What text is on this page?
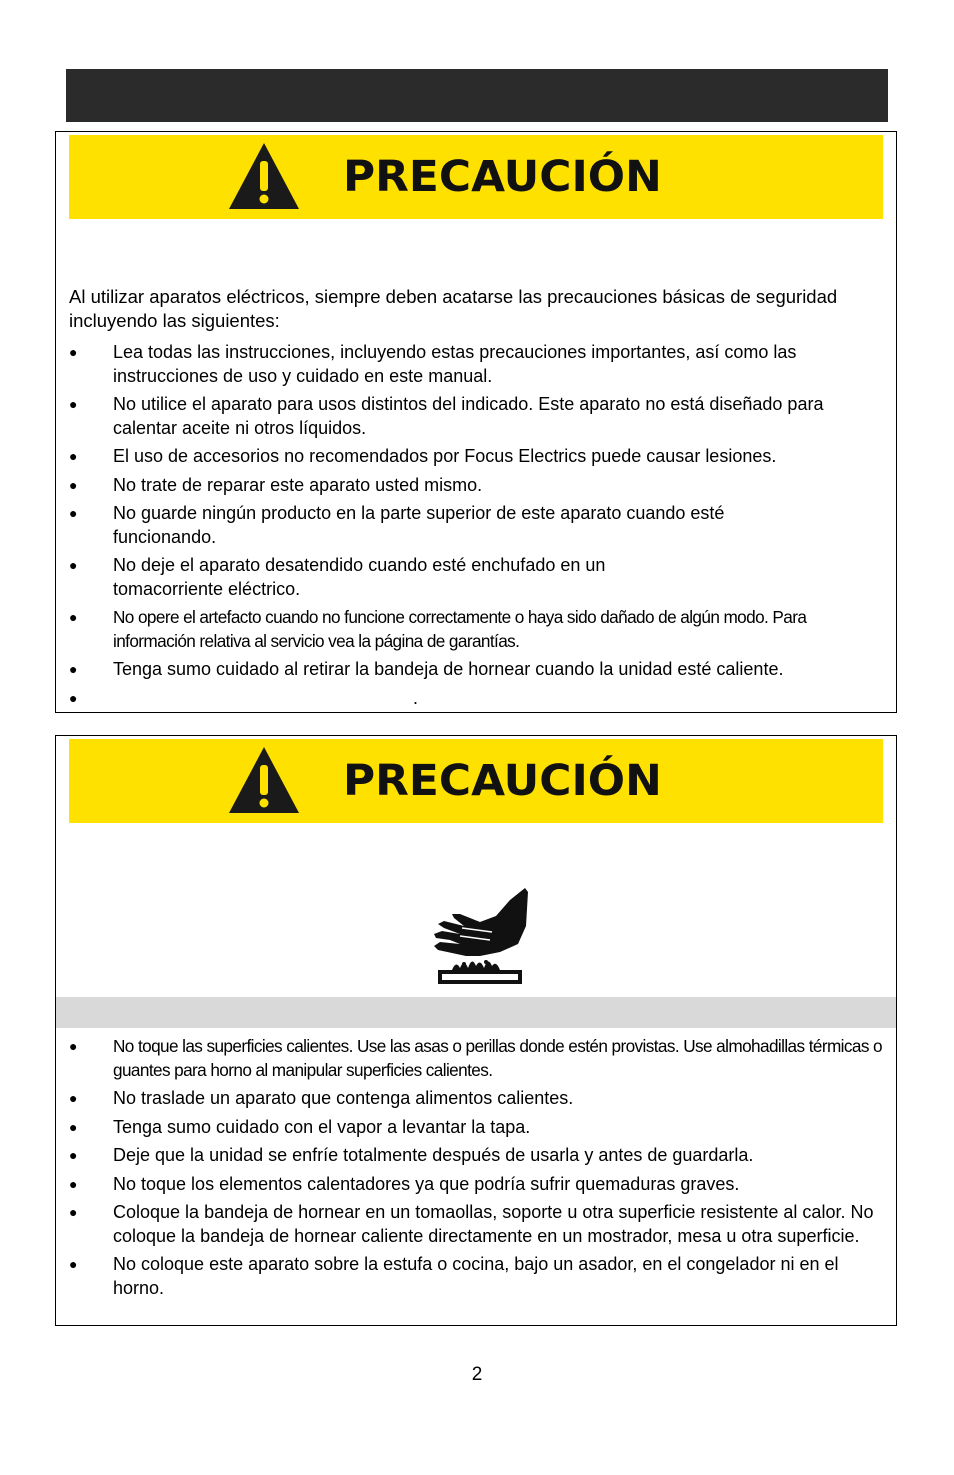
PRECAUCIÓN
Al utilizar aparatos eléctricos, siempre deben acatarse las precauciones básicas de seguridad incluyendo las siguientes:
● Lea todas las instrucciones, incluyendo estas precauciones importantes, así como las instrucciones de uso y cuidado en este manual.
● No utilice el aparato para usos distintos del indicado. Este aparato no está diseñado para calentar aceite ni otros líquidos.
● El uso de accesorios no recomendados por Focus Electrics puede causar lesiones.
● No trate de reparar este aparato usted mismo.
● No guarde ningún producto en la parte superior de este aparato cuando esté funcionando.
● No deje el aparato desatendido cuando esté enchufado en un tomacorriente eléctrico.
● No opere el artefacto cuando no funcione correctamente o haya sido dañado de algún modo. Para información relativa al servicio vea la página de garantías.
● Tenga sumo cuidado al retirar la bandeja de hornear cuando la unidad esté caliente.
●	.
PRECAUCIÓN
● No toque las superficies calientes. Use las asas o perillas donde estén provistas. Use almohadillas térmicas o guantes para horno al manipular superficies calientes.
● No traslade un aparato que contenga alimentos calientes.
● Tenga sumo cuidado con el vapor a levantar la tapa.
● Deje que la unidad se enfríe totalmente después de usarla y antes de guardarla.
● No toque los elementos calentadores ya que podría sufrir quemaduras graves.
● Coloque la bandeja de hornear en un tomaollas, soporte u otra superficie resistente al calor. No coloque la bandeja de hornear caliente directamente en un mostrador, mesa u otra superficie.
● No coloque este aparato sobre la estufa o cocina, bajo un asador, en el congelador ni en el horno.
2
